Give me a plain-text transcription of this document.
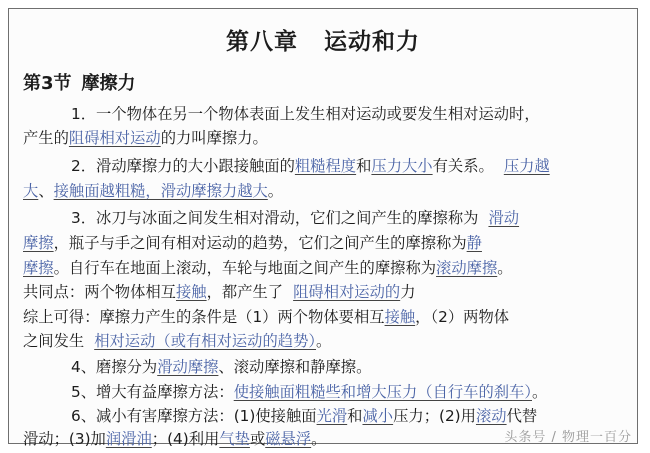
第八章 运动和力
第3节 摩擦力
1．一个物体在另一个物体表面上发生相对运动或要发生相对运动时，
产生的阻碍相对运动的力叫摩擦力。
2．滑动摩擦力的大小跟接触面的粗糙程度和压力大小有关系。 压力越
大、接触面越粗糙，滑动摩擦力越大。
3．冰刀与冰面之间发生相对滑动，它们之间产生的摩擦称为 滑动
摩擦，瓶子与手之间有相对运动的趋势，它们之间产生的摩擦称为静
摩擦。自行车在地面上滚动，车轮与地面之间产生的摩擦称为滚动摩擦。
共同点：两个物体相互接触，都产生了 阻碍相对运动的力
综上可得：摩擦力产生的条件是（1）两个物体要相互接触，（2）两物体
之间发生 相对运动（或有相对运动的趋势）。
4、磨擦分为滑动摩擦、滚动摩擦和静摩擦。
5、增大有益摩擦方法：使接触面粗糙些和增大压力（自行车的刹车）。
6、减小有害摩擦方法：(1)使接触面光滑和减小压力；(2)用滚动代替
滑动；(3)加润滑油；(4)利用气垫或磁悬浮。	头条号 / 物理一百分
